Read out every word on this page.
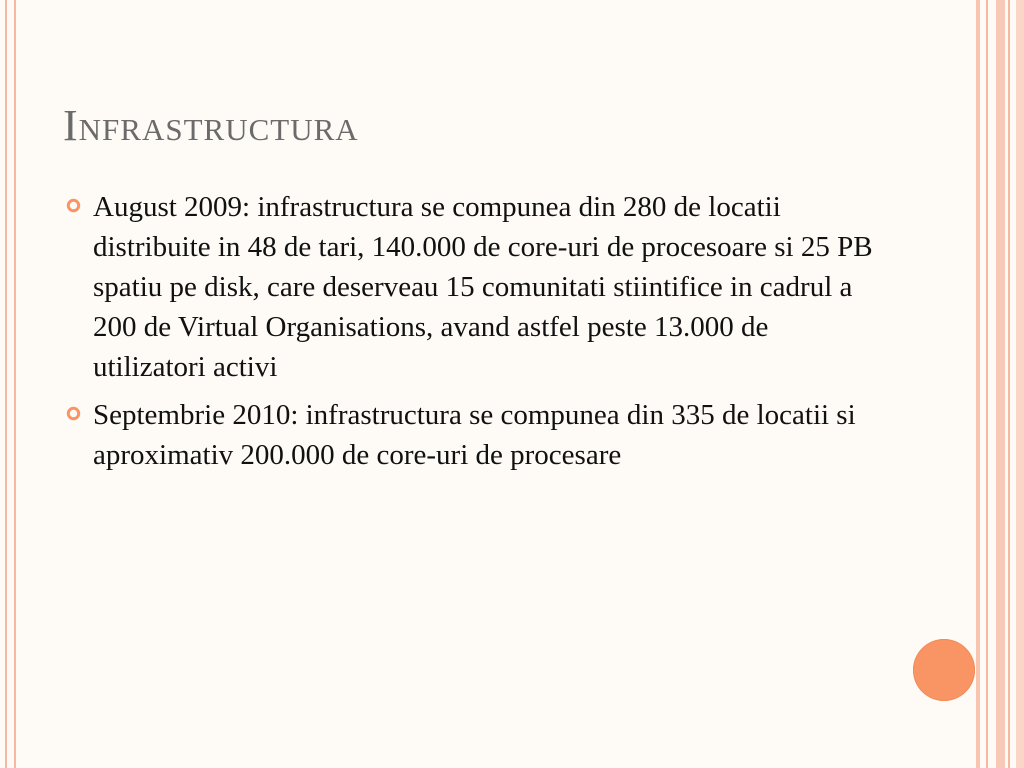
Infrastructura
August 2009: infrastructura se compunea din 280 de locatii distribuite in 48 de tari, 140.000 de core-uri de procesoare si 25 PB spatiu pe disk, care deserveau 15 comunitati stiintifice in cadrul a 200 de Virtual Organisations, avand astfel peste 13.000 de utilizatori activi
Septembrie 2010: infrastructura se compunea din 335 de locatii si aproximativ 200.000 de core-uri de procesare
